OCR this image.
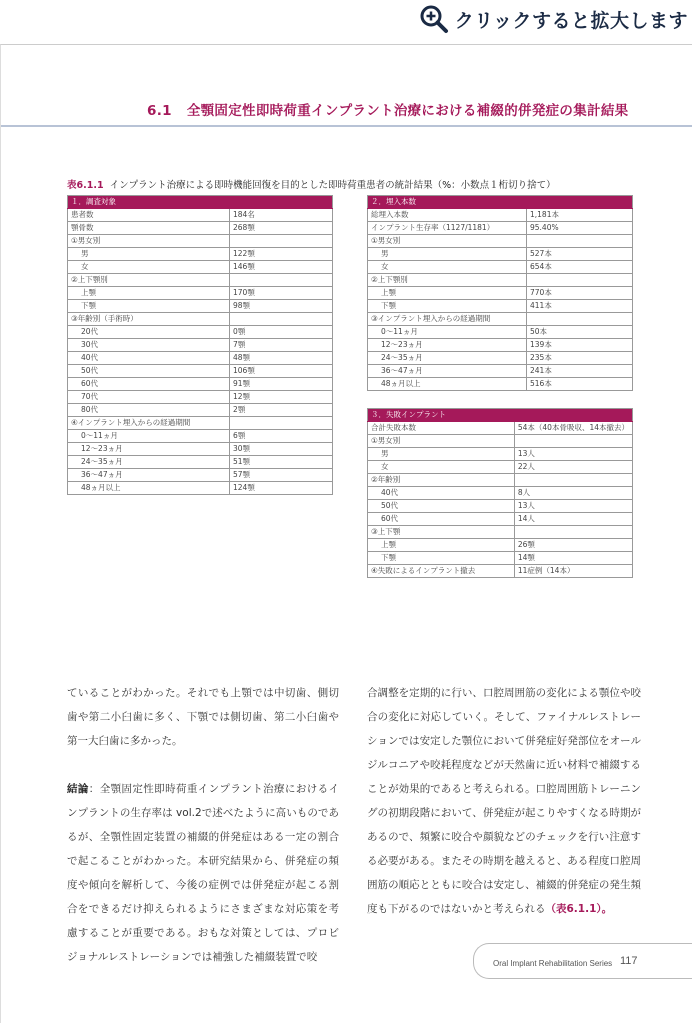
クリックすると拡大します
6.1 全顎固定性即時荷重インプラント治療における補綴的併発症の集計結果
表6.1.1 インプラント治療による即時機能回復を目的とした即時荷重患者の統計結果（%：小数点１桁切り捨て）
１．調査対象	
患者数	184名
顎骨数	268顎
①男女別	
男	122顎
女	146顎
②上下顎別	
上顎	170顎
下顎	98顎
③年齢別（手術時）	
20代	0顎
30代	7顎
40代	48顎
50代	106顎
60代	91顎
70代	12顎
80代	2顎
④インプラント埋入からの経過期間	
0～11ヵ月	6顎
12～23ヵ月	30顎
24～35ヵ月	51顎
36～47ヵ月	57顎
48ヵ月以上	124顎
２．埋入本数	
総埋入本数	1,181本
インプラント生存率（1127/1181）	95.40%
①男女別	
男	527本
女	654本
②上下顎別	
上顎	770本
下顎	411本
③インプラント埋入からの経過期間	
0～11ヵ月	50本
12～23ヵ月	139本
24～35ヵ月	235本
36～47ヵ月	241本
48ヵ月以上	516本
３．失敗インプラント	
合計失敗本数	54本（40本骨吸収、14本撤去）
①男女別	
男	13人
女	22人
②年齢別	
40代	8人
50代	13人
60代	14人
③上下顎	
上顎	26顎
下顎	14顎
④失敗によるインプラント撤去	11症例（14本）

ていることがわかった。それでも上顎では中切歯、側切歯や第二小臼歯に多く、下顎では側切歯、第二小臼歯や第一大臼歯に多かった。

結論：全顎固定性即時荷重インプラント治療におけるインプラントの生存率は vol.2で述べたように高いものであるが、全顎性固定装置の補綴的併発症はある一定の割合で起こることがわかった。本研究結果から、併発症の頻度や傾向を解析して、今後の症例では併発症が起こる割合をできるだけ抑えられるようにさまざまな対応策を考慮することが重要である。おもな対策としては、プロビジョナルレストレーションでは補強した補綴装置で咬

合調整を定期的に行い、口腔周囲筋の変化による顎位や咬合の変化に対応していく。そして、ファイナルレストレーションでは安定した顎位において併発症好発部位をオールジルコニアや咬耗程度などが天然歯に近い材料で補綴することが効果的であると考えられる。口腔周囲筋トレーニングの初期段階において、併発症が起こりやすくなる時期があるので、頻繁に咬合や顔貌などのチェックを行い注意する必要がある。またその時期を越えると、ある程度口腔周囲筋の順応とともに咬合は安定し、補綴的併発症の発生頻度も下がるのではないかと考えられる（表6.1.1）。

Oral Implant Rehabilitation Series 117
